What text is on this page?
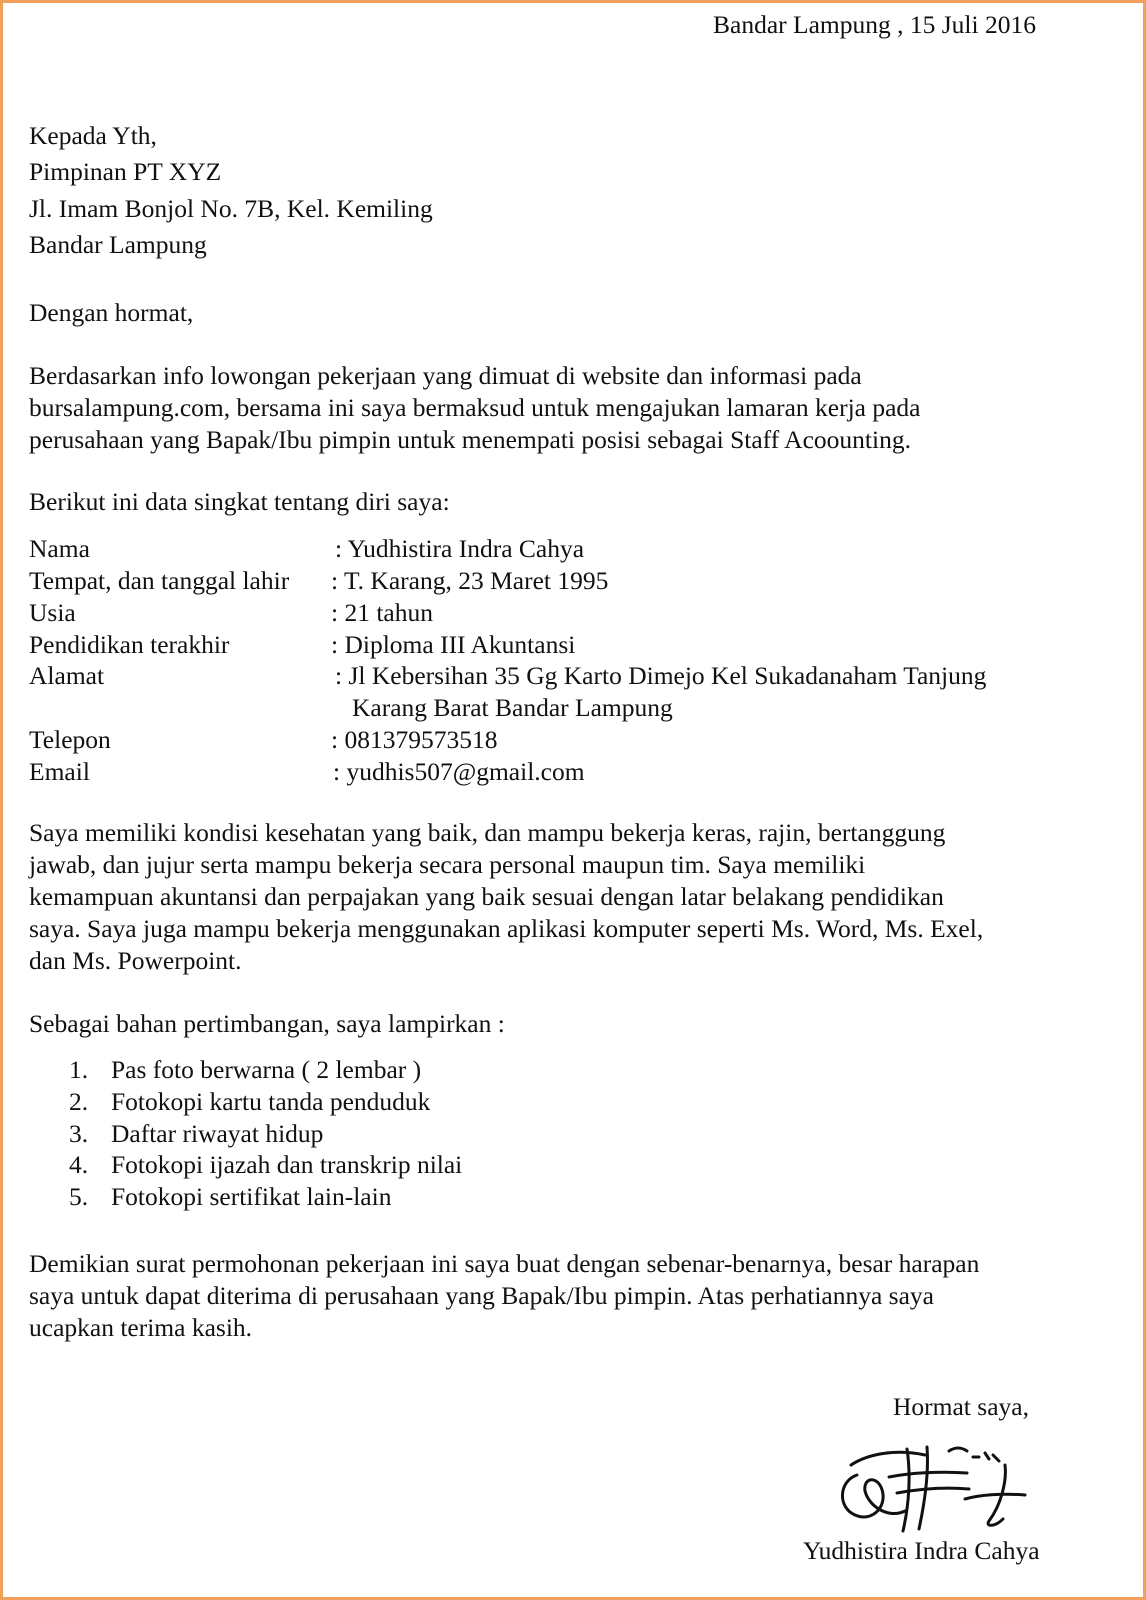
Bandar Lampung , 15 Juli 2016
Kepada Yth,
Pimpinan PT XYZ
Jl. Imam Bonjol No. 7B, Kel. Kemiling
Bandar Lampung
Dengan hormat,
Berdasarkan info lowongan pekerjaan yang dimuat di website dan informasi pada
bursalampung.com, bersama ini saya bermaksud untuk mengajukan lamaran kerja pada
perusahaan yang Bapak/Ibu pimpin untuk menempati posisi sebagai Staff Acoounting.
Berikut ini data singkat tentang diri saya:
Nama	: Yudhistira Indra Cahya
Tempat, dan tanggal lahir : T. Karang, 23 Maret 1995
Usia	: 21 tahun
Pendidikan terakhir	: Diploma III Akuntansi
Alamat	: Jl Kebersihan 35 Gg Karto Dimejo Kel Sukadanaham Tanjung
Karang Barat Bandar Lampung
Telepon	: 081379573518
Email	: yudhis507@gmail.com
Saya memiliki kondisi kesehatan yang baik, dan mampu bekerja keras, rajin, bertanggung
jawab, dan jujur serta mampu bekerja secara personal maupun tim. Saya memiliki
kemampuan akuntansi dan perpajakan yang baik sesuai dengan latar belakang pendidikan
saya. Saya juga mampu bekerja menggunakan aplikasi komputer seperti Ms. Word, Ms. Exel,
dan Ms. Powerpoint.
Sebagai bahan pertimbangan, saya lampirkan :
1. Pas foto berwarna ( 2 lembar )
2. Fotokopi kartu tanda penduduk
3. Daftar riwayat hidup
4. Fotokopi ijazah dan transkrip nilai
5. Fotokopi sertifikat lain-lain
Demikian surat permohonan pekerjaan ini saya buat dengan sebenar-benarnya, besar harapan
saya untuk dapat diterima di perusahaan yang Bapak/Ibu pimpin. Atas perhatiannya saya
ucapkan terima kasih.
Hormat saya,
Yudhistira Indra Cahya
